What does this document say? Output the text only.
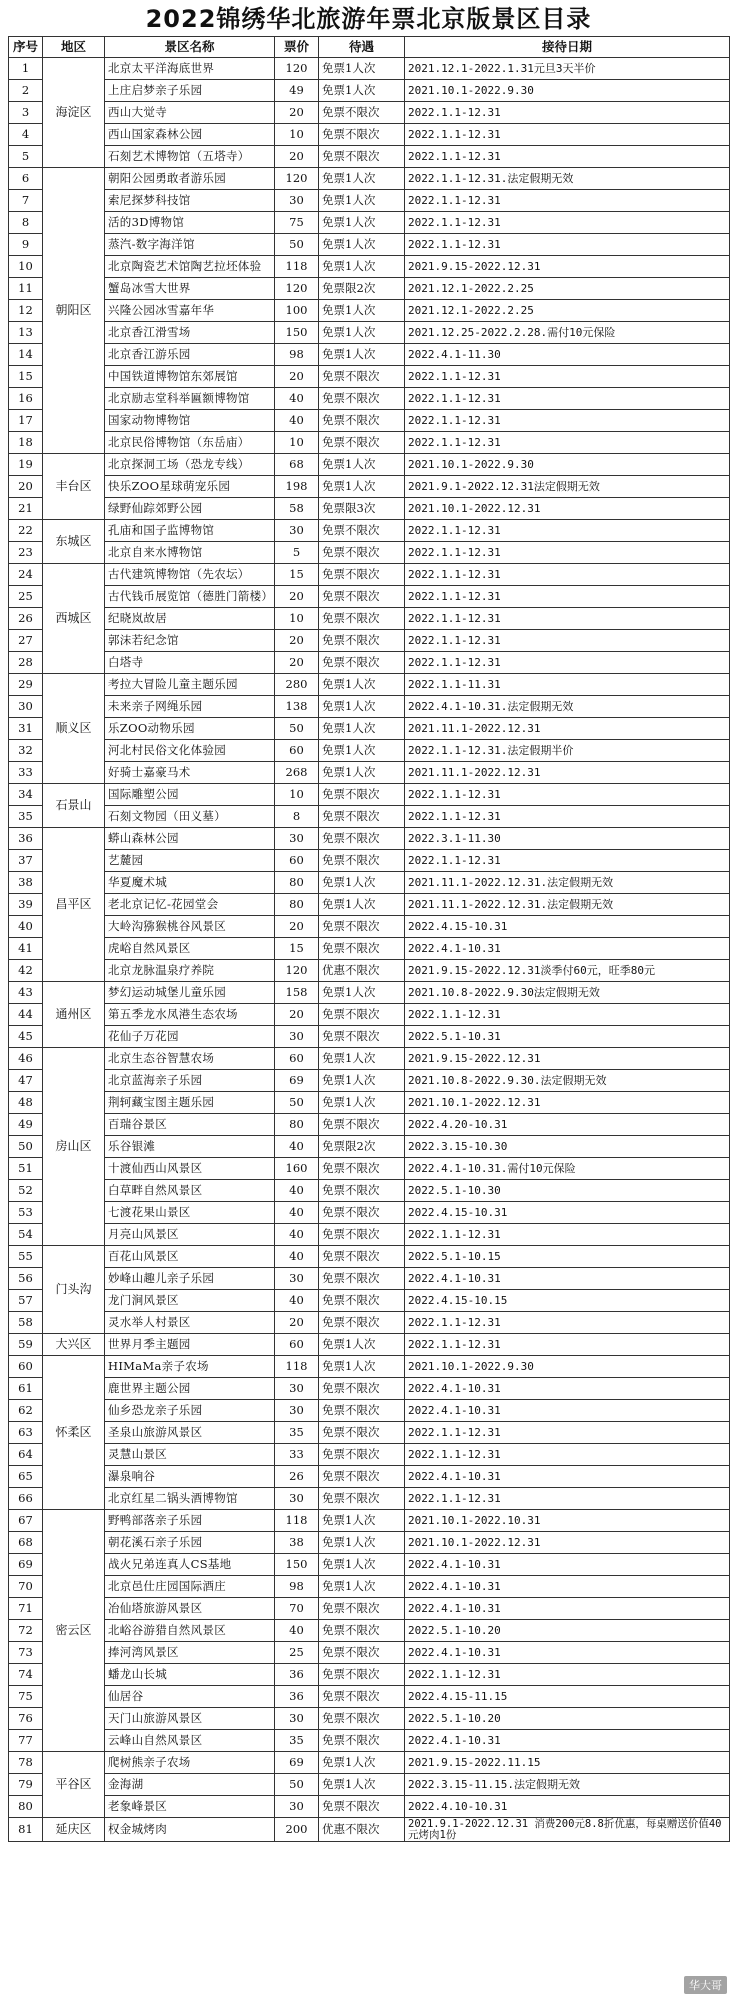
2022锦绣华北旅游年票北京版景区目录
序号	地区	景区名称	票价	待遇	接待日期
1	海淀区	北京太平洋海底世界	120	免票1人次	2021.12.1-2022.1.31元旦3天半价
2		上庄启梦亲子乐园	49	免票1人次	2021.10.1-2022.9.30
3		西山大觉寺	20	免票不限次	2022.1.1-12.31
4		西山国家森林公园	10	免票不限次	2022.1.1-12.31
5		石刻艺术博物馆（五塔寺）	20	免票不限次	2022.1.1-12.31
6	朝阳区	朝阳公园勇敢者游乐园	120	免票1人次	2022.1.1-12.31.法定假期无效
7		索尼探梦科技馆	30	免票1人次	2022.1.1-12.31
8		活的3D博物馆	75	免票1人次	2022.1.1-12.31
9		蒸汽-数字海洋馆	50	免票1人次	2022.1.1-12.31
10		北京陶瓷艺术馆陶艺拉坯体验	118	免票1人次	2021.9.15-2022.12.31
11		蟹岛冰雪大世界	120	免票限2次	2021.12.1-2022.2.25
12		兴隆公园冰雪嘉年华	100	免票1人次	2021.12.1-2022.2.25
13		北京香江滑雪场	150	免票1人次	2021.12.25-2022.2.28.需付10元保险
14		北京香江游乐园	98	免票1人次	2022.4.1-11.30
15		中国铁道博物馆东郊展馆	20	免票不限次	2022.1.1-12.31
16		北京励志堂科举匾额博物馆	40	免票不限次	2022.1.1-12.31
17		国家动物博物馆	40	免票不限次	2022.1.1-12.31
18		北京民俗博物馆（东岳庙）	10	免票不限次	2022.1.1-12.31
19	丰台区	北京探洞工场（恐龙专线）	68	免票1人次	2021.10.1-2022.9.30
20		快乐ZOO星球萌宠乐园	198	免票1人次	2021.9.1-2022.12.31法定假期无效
21		绿野仙踪郊野公园	58	免票限3次	2021.10.1-2022.12.31
22	东城区	孔庙和国子监博物馆	30	免票不限次	2022.1.1-12.31
23		北京自来水博物馆	5	免票不限次	2022.1.1-12.31
24	西城区	古代建筑博物馆（先农坛）	15	免票不限次	2022.1.1-12.31
25		古代钱币展览馆（德胜门箭楼）	20	免票不限次	2022.1.1-12.31
26		纪晓岚故居	10	免票不限次	2022.1.1-12.31
27		郭沫若纪念馆	20	免票不限次	2022.1.1-12.31
28		白塔寺	20	免票不限次	2022.1.1-12.31
29	顺义区	考拉大冒险儿童主题乐园	280	免票1人次	2022.1.1-11.31
30		未来亲子网绳乐园	138	免票1人次	2022.4.1-10.31.法定假期无效
31		乐ZOO动物乐园	50	免票1人次	2021.11.1-2022.12.31
32		河北村民俗文化体验园	60	免票1人次	2022.1.1-12.31.法定假期半价
33		好骑士嘉豪马术	268	免票1人次	2021.11.1-2022.12.31
34	石景山	国际雕塑公园	10	免票不限次	2022.1.1-12.31
35		石刻文物园（田义墓）	8	免票不限次	2022.1.1-12.31
36	昌平区	蟒山森林公园	30	免票不限次	2022.3.1-11.30
37		艺麓园	60	免票不限次	2022.1.1-12.31
38		华夏魔术城	80	免票1人次	2021.11.1-2022.12.31.法定假期无效
39		老北京记忆-花园堂会	80	免票1人次	2021.11.1-2022.12.31.法定假期无效
40		大岭沟猕猴桃谷风景区	20	免票不限次	2022.4.15-10.31
41		虎峪自然风景区	15	免票不限次	2022.4.1-10.31
42		北京龙脉温泉疗养院	120	优惠不限次	2021.9.15-2022.12.31淡季付60元，旺季80元
43	通州区	梦幻运动城堡儿童乐园	158	免票1人次	2021.10.8-2022.9.30法定假期无效
44		第五季龙水凤港生态农场	20	免票不限次	2022.1.1-12.31
45		花仙子万花园	30	免票不限次	2022.5.1-10.31
46	房山区	北京生态谷智慧农场	60	免票1人次	2021.9.15-2022.12.31
47		北京蓝海亲子乐园	69	免票1人次	2021.10.8-2022.9.30.法定假期无效
48		荆轲藏宝图主题乐园	50	免票1人次	2021.10.1-2022.12.31
49		百瑞谷景区	80	免票不限次	2022.4.20-10.31
50		乐谷银滩	40	免票限2次	2022.3.15-10.30
51		十渡仙西山风景区	160	免票不限次	2022.4.1-10.31.需付10元保险
52		白草畔自然风景区	40	免票不限次	2022.5.1-10.30
53		七渡花果山景区	40	免票不限次	2022.4.15-10.31
54		月亮山风景区	40	免票不限次	2022.1.1-12.31
55	门头沟	百花山风景区	40	免票不限次	2022.5.1-10.15
56		妙峰山趣儿亲子乐园	30	免票不限次	2022.4.1-10.31
57		龙门涧风景区	40	免票不限次	2022.4.15-10.15
58		灵水举人村景区	20	免票不限次	2022.1.1-12.31
59	大兴区	世界月季主题园	60	免票1人次	2022.1.1-12.31
60	怀柔区	HIMaMa亲子农场	118	免票1人次	2021.10.1-2022.9.30
61		鹿世界主题公园	30	免票不限次	2022.4.1-10.31
62		仙乡恐龙亲子乐园	30	免票不限次	2022.4.1-10.31
63		圣泉山旅游风景区	35	免票不限次	2022.1.1-12.31
64		灵慧山景区	33	免票不限次	2022.1.1-12.31
65		瀑泉响谷	26	免票不限次	2022.4.1-10.31
66		北京红星二锅头酒博物馆	30	免票不限次	2022.1.1-12.31
67	密云区	野鸭部落亲子乐园	118	免票1人次	2021.10.1-2022.10.31
68		朝花溪石亲子乐园	38	免票1人次	2021.10.1-2022.12.31
69		战火兄弟连真人CS基地	150	免票1人次	2022.4.1-10.31
70		北京邑仕庄园国际酒庄	98	免票1人次	2022.4.1-10.31
71		冶仙塔旅游风景区	70	免票不限次	2022.4.1-10.31
72		北峪谷游猎自然风景区	40	免票不限次	2022.5.1-10.20
73		捧河湾风景区	25	免票不限次	2022.4.1-10.31
74		蟠龙山长城	36	免票不限次	2022.1.1-12.31
75		仙居谷	36	免票不限次	2022.4.15-11.15
76		天门山旅游风景区	30	免票不限次	2022.5.1-10.20
77		云峰山自然风景区	35	免票不限次	2022.4.1-10.31
78	平谷区	爬树熊亲子农场	69	免票1人次	2021.9.15-2022.11.15
79		金海湖	50	免票1人次	2022.3.15-11.15.法定假期无效
80		老象峰景区	30	免票不限次	2022.4.10-10.31
81	延庆区	权金城烤肉	200	优惠不限次	2021.9.1-2022.12.31 消费200元8.8折优惠，每桌赠送价值40元烤肉1份
华大哥
